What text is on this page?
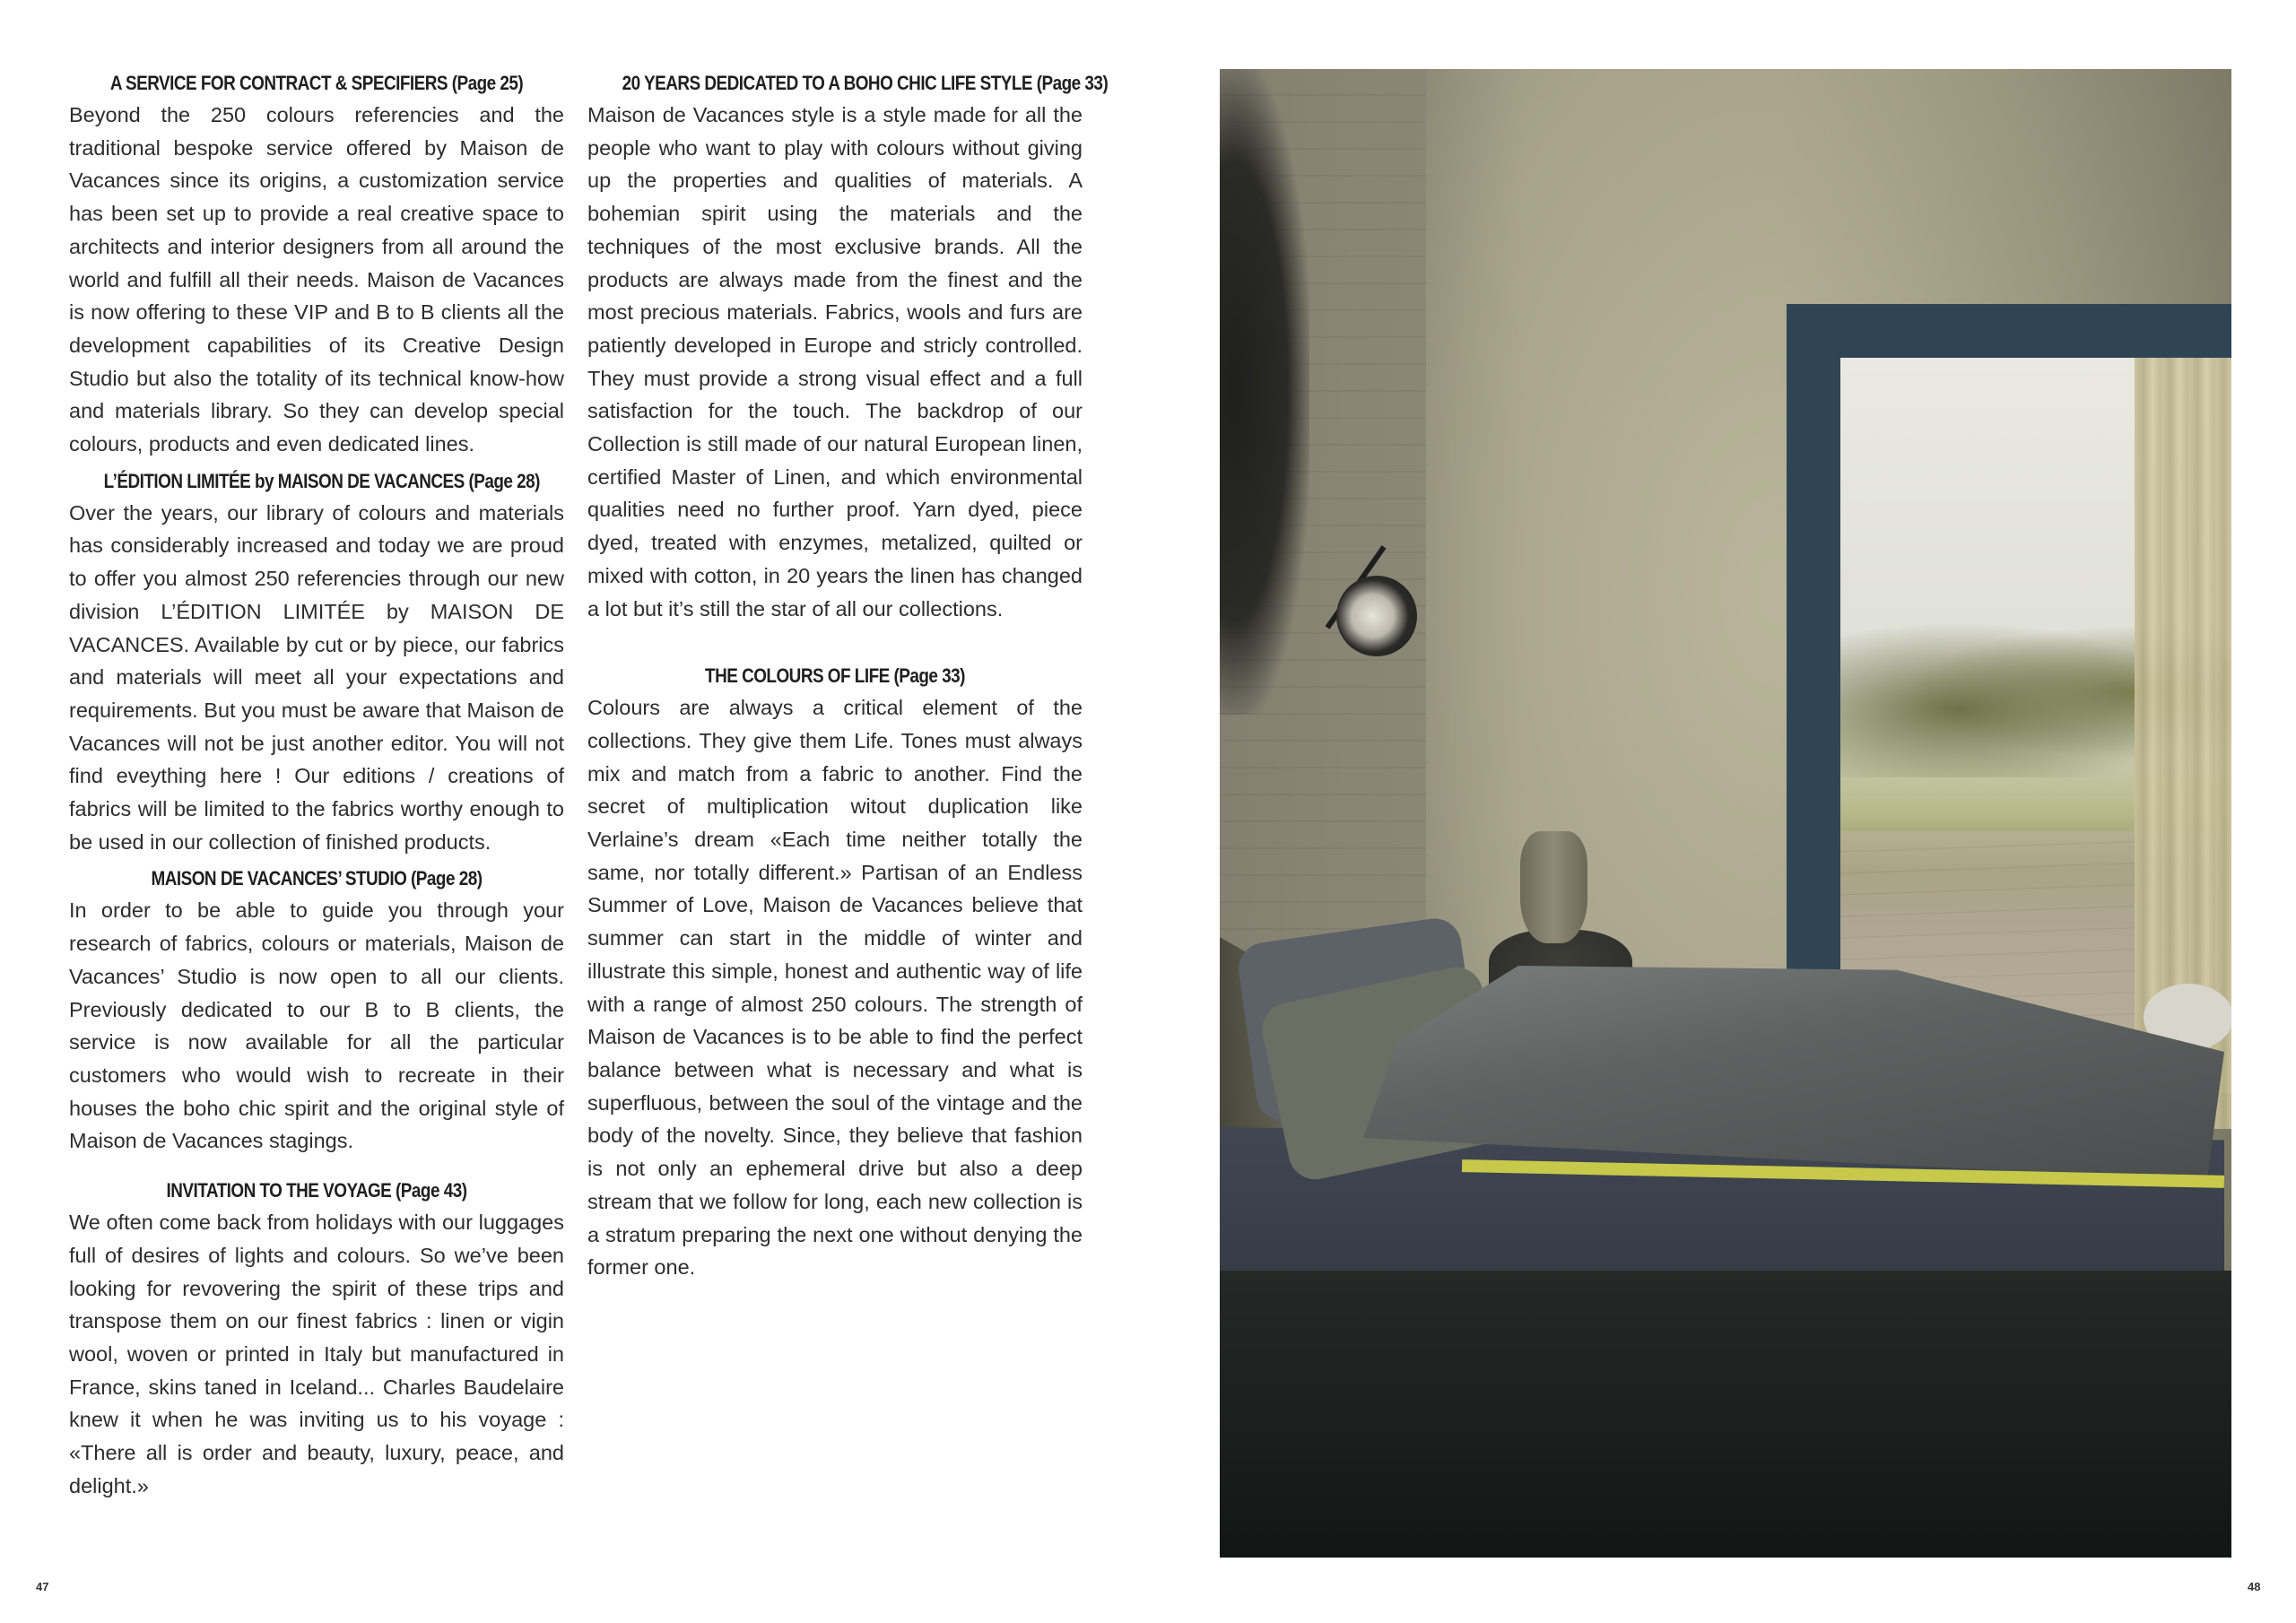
A SERVICE FOR CONTRACT & SPECIFIERS (Page 25)
Beyond the 250 colours referencies and the traditional bespoke service offered by Maison de Vacances since its origins, a customization service has been set up to provide a real creative space to architects and interior designers from all around the world and fulfill all their needs. Maison de Vacances is now offering to these VIP and B to B clients all the development capabilities of its Creative Design Studio but also the totality of its technical know-how and materials library. So they can develop special colours, products and even dedicated lines.
L’ÉDITION LIMITÉE by MAISON DE VACANCES (Page 28)
Over the years, our library of colours and materials has considerably increased and today we are proud to offer you almost 250 referencies through our new division L’ÉDITION LIMITÉE by MAISON DE VACANCES. Available by cut or by piece, our fabrics and materials will meet all your expectations and requirements. But you must be aware that Maison de Vacances will not be just another editor. You will not find eveything here ! Our editions / creations of fabrics will be limited to the fabrics worthy enough to be used in our collection of finished products.
MAISON DE VACANCES’ STUDIO (Page 28)
In order to be able to guide you through your research of fabrics, colours or materials, Maison de Vacances’ Studio is now open to all our clients. Previously dedicated to our B to B clients, the service is now available for all the particular customers who would wish to recreate in their houses the boho chic spirit and the original style of Maison de Vacances stagings.
INVITATION TO THE VOYAGE (Page 43)
We often come back from holidays with our luggages full of desires of lights and colours. So we’ve been looking for revovering the spirit of these trips and transpose them on our finest fabrics : linen or vigin wool, woven or printed in Italy but manufactured in France, skins taned in Iceland... Charles Baudelaire knew it when he was inviting us to his voyage : «There all is order and beauty, luxury, peace, and delight.»
20 YEARS DEDICATED TO A BOHO CHIC LIFE STYLE (Page 33)
Maison de Vacances style is a style made for all the people who want to play with colours without giving up the properties and qualities of materials. A bohemian spirit using the materials and the techniques of the most exclusive brands. All the products are always made from the finest and the most precious materials. Fabrics, wools and furs are patiently developed in Europe and stricly controlled. They must provide a strong visual effect and a full satisfaction for the touch. The backdrop of our Collection is still made of our natural European linen, certified Master of Linen, and which environmental qualities need no further proof. Yarn dyed, piece dyed, treated with enzymes, metalized, quilted or mixed with cotton, in 20 years the linen has changed a lot but it’s still the star of all our collections.
THE COLOURS OF LIFE (Page 33)
Colours are always a critical element of the collections. They give them Life. Tones must always mix and match from a fabric to another. Find the secret of multiplication witout duplication like Verlaine’s dream «Each time neither totally the same, nor totally different.» Partisan of an Endless Summer of Love, Maison de Vacances believe that summer can start in the middle of winter and illustrate this simple, honest and authentic way of life with a range of almost 250 colours. The strength of Maison de Vacances is to be able to find the perfect balance between what is necessary and what is superfluous, between the soul of the vintage and the body of the novelty. Since, they believe that fashion is not only an ephemeral drive but also a deep stream that we follow for long, each new collection is a stratum preparing the next one without denying the former one.
47	48
